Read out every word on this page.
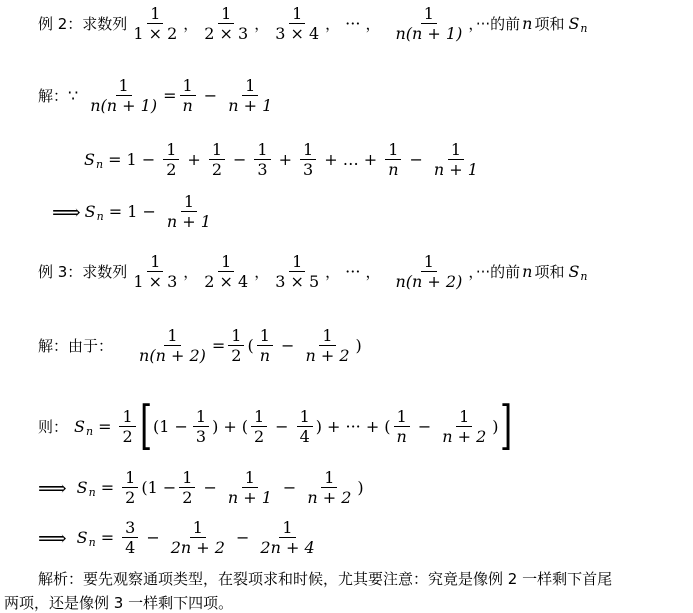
例 2：求数列 $\frac{1}{1 \times 2}$ ， $\frac{1}{2 \times 3}$ ， $\frac{1}{3 \times 4}$ ， ··· ， $\frac{1}{n(n + 1)}$ ，···的前 n 项和 S n
解： ∵ $\frac{1}{n(n + 1)} = \frac{1}{n} - \frac{1}{n + 1}$
S $n = 1 - \frac{1}{2} + \frac{1}{2} - \frac{1}{3} + \frac{1}{3}$ + … + $\frac{1}{n} - \frac{1}{n + 1}$
⟹ S $n = 1 - \frac{1}{n + 1}$
例 3：求数列 $\frac{1}{1 \times 3}$ ， $\frac{1}{2 \times 4}$ ， $\frac{1}{3 \times 5}$ ， ··· ， $\frac{1}{n(n + 2)}$ ，···的前 n 项和 S n
解：由于： $\frac{1}{n(n + 2)} = \frac{1}{2}$ ( $\frac{1}{n} - \frac{1}{n + 2}$ )
则： S $n = \frac{1}{2}$ [ ($1 - \frac{1}{3}$ ) + ( $\frac{1}{2} - \frac{1}{4}$ ) + ··· + ( $\frac{1}{n} - \frac{1}{n + 2}$ ) ]
⟹ S $n = \frac{1}{2} (1 - \frac{1}{2} - \frac{1}{n + 1} - \frac{1}{n + 2}$ )
⟹ S $n = \frac{3}{4} - \frac{1}{2n + 2} - \frac{1}{2n + 4}$
解析：要先观察通项类型，在裂项求和时候，尤其要注意：究竟是像例 2 一样剩下首尾
两项，还是像例 3 一样剩下四项。
